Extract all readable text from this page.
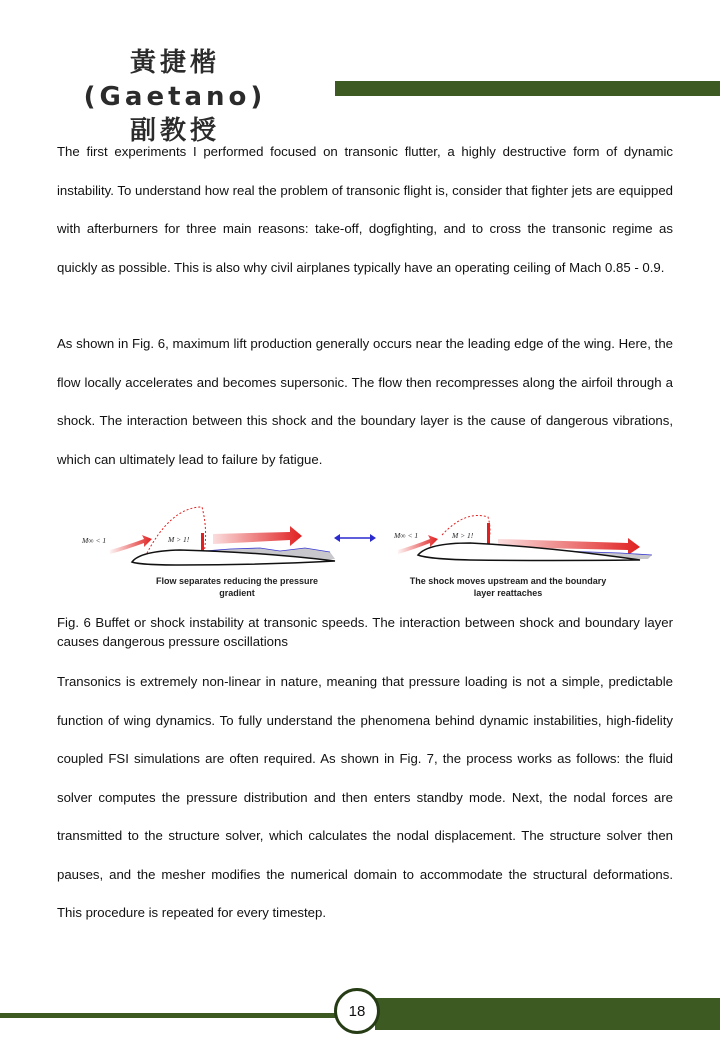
黃捷楷(Gaetano)
副教授

The first experiments I performed focused on transonic flutter, a highly destructive form of dynamic instability. To understand how real the problem of transonic flight is, consider that fighter jets are equipped with afterburners for three main reasons: take-off, dogfighting, and to cross the transonic regime as quickly as possible. This is also why civil airplanes typically have an operating ceiling of Mach 0.85 - 0.9.

As shown in Fig. 6, maximum lift production generally occurs near the leading edge of the wing. Here, the flow locally accelerates and becomes supersonic. The flow then recompresses along the airfoil through a shock. The interaction between this shock and the boundary layer is the cause of dangerous vibrations, which can ultimately lead to failure by fatigue.

M∞ < 1	M > 1!
Flow separates reducing the pressure
gradient
M∞ < 1	M > 1!
The shock moves upstream and the boundary
layer reattaches

Fig. 6 Buffet or shock instability at transonic speeds. The interaction between shock and boundary layer causes dangerous pressure oscillations

Transonics is extremely non-linear in nature, meaning that pressure loading is not a simple, predictable function of wing dynamics. To fully understand the phenomena behind dynamic instabilities, high-fidelity coupled FSI simulations are often required. As shown in Fig. 7, the process works as follows: the fluid solver computes the pressure distribution and then enters standby mode. Next, the nodal forces are transmitted to the structure solver, which calculates the nodal displacement. The structure solver then pauses, and the mesher modifies the numerical domain to accommodate the structural deformations. This procedure is repeated for every timestep.

18
